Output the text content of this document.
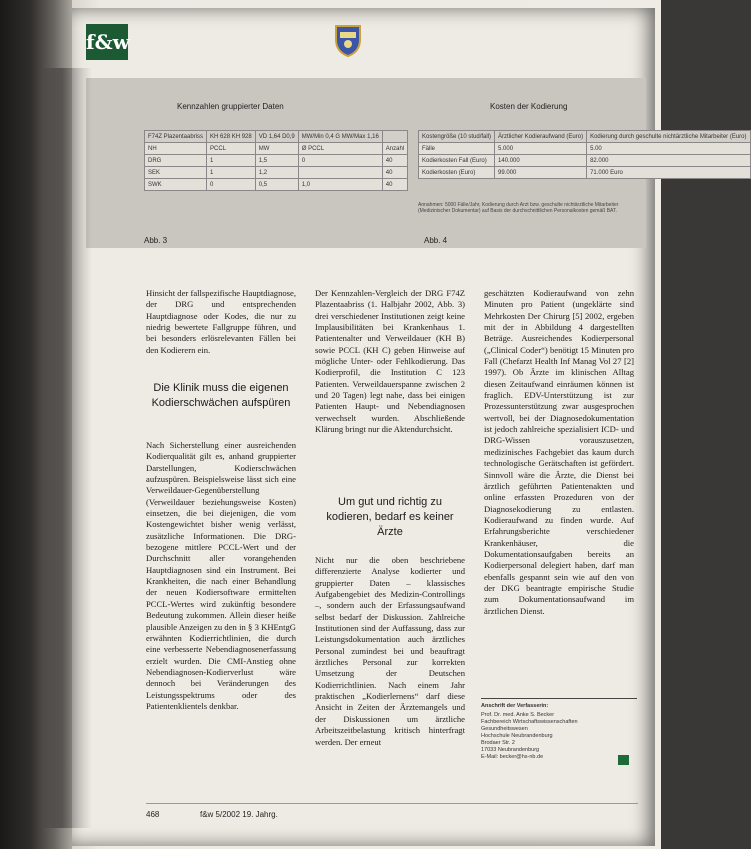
f&w
Kennzahlen gruppierter Daten
F74Z Plazentaabriss	KH 628 KH 928	VD 1,64 D0,9	MW/Min 0,4 G MW/Max 1,16	
NH	PCCL	MW	Ø PCCL	Anzahl
DRG	1	1,5	0	40
SEK	1	1,2		40
SWK	0	0,5	1,0	40
Abb. 3
Kosten der Kodierung
Kostengröße (10 stud/fall)	Ärztlicher Kodieraufwand (Euro)	Kodierung durch geschulte nichtärztliche Mitarbeiter (Euro)
Fälle	5.000	5.00
Kodierkosten Fall (Euro)	140.000	82.000
Kodierkosten (Euro)	99.000	71.000 Euro
Annahmen: 5000 Fälle/Jahr, Kodierung durch Arzt bzw. geschulte nichtärztliche Mitarbeiter (Medizinischer Dokumentar) auf Basis der durchschnittlichen Personalkosten gemäß BAT.
Abb. 4
Hinsicht der fallspezifische Hauptdiagnose, der DRG und entsprechenden Hauptdiagnose oder Kodes, die nur zu niedrig bewertete Fallgruppe führen, und bei besonders erlösrelevanten Fällen bei den Kodierern ein.
Die Klinik muss die eigenen Kodierschwächen aufspüren
Nach Sicherstellung einer ausreichenden Kodierqualität gilt es, anhand gruppierter Darstellungen, Kodierschwächen aufzuspüren. Beispielsweise lässt sich eine Verweildauer-Gegenüberstellung (Verweildauer beziehungsweise Kosten) einsetzen, die bei diejenigen, die vom Kostengewichtet bisher wenig verlässt, zusätzliche Informationen. Die DRG-bezogene mittlere PCCL-Wert und der Durchschnitt aller vorangehenden Hauptdiagnosen sind ein Instrument. Bei Krankheiten, die nach einer Behandlung der neuen Kodiersoftware ermittelten PCCL-Wertes wird zukünftig besondere Bedeutung zukommen. Allein dieser heiße plausible Anzeigen zu den in § 3 KHEntgG erwähnten Kodierrichtlinien, die durch eine verbesserte Nebendiagnosenerfassung erzielt wurden. Die CMI-Anstieg ohne Nebendiagnosen-Kodierverlust wäre dennoch bei Veränderungen des Leistungsspektrums oder des Patientenklientels denkbar.
Der Kennzahlen-Vergleich der DRG F74Z Plazentaabriss (1. Halbjahr 2002, Abb. 3) drei verschiedener Institutionen zeigt keine Implausibilitäten bei Krankenhaus 1. Patientenalter und Verweildauer (KH B) sowie PCCL (KH C) geben Hinweise auf mögliche Unter- oder Fehlkodierung. Das Kodierprofil, die Institution C 123 Patienten. Verweildauerspanne zwischen 2 und 20 Tagen) legt nahe, dass bei einigen Patienten Haupt- und Nebendiagnosen verwechselt wurden. Abschließende Klärung bringt nur die Aktendurchsicht.
Um gut und richtig zu kodieren, bedarf es keiner Ärzte
Nicht nur die oben beschriebene differenzierte Analyse kodierter und gruppierter Daten – klassisches Aufgabengebiet des Medizin-Controllings –, sondern auch der Erfassungsaufwand selbst bedarf der Diskussion. Zahlreiche Institutionen sind der Auffassung, dass zur Leistungsdokumentation auch ärztliches Personal zumindest bei und beauftragt ärztliches Personal zur korrekten Umsetzung der Deutschen Kodierrichtlinien. Nach einem Jahr praktischen „Kodierlernens“ darf diese Ansicht in Zeiten der Ärztemangels und der Diskussionen um ärztliche Arbeitszeitbelastung kritisch hinterfragt werden. Der erneut
geschätzten Kodieraufwand von zehn Minuten pro Patient (ungeklärte sind Mehrkosten Der Chirurg [5] 2002, ergeben mit der in Abbildung 4 dargestellten Beträge. Ausreichendes Kodierpersonal („Clinical Coder“) benötigt 15 Minuten pro Fall (Chefarzt Health Inf Manag Vol 27 [2] 1997). Ob Ärzte im klinischen Alltag diesen Zeitaufwand einräumen können ist fraglich. EDV-Unterstützung ist zur Prozessunterstützung zwar ausgesprochen wertvoll, bei der Diagnosedokumentation ist jedoch zahlreiche spezialisiert ICD- und DRG-Wissen vorauszusetzen, medizinisches Fachgebiet das kaum durch technologische Gerätschaften ist gefördert. Sinnvoll wäre die Ärzte, die Dienst bei ärztlich geführten Patientenakten und online erfassten Prozeduren von der Diagnosekodierung zu entlasten. Kodieraufwand zu finden wurde. Auf Erfahrungsberichte verschiedener Krankenhäuser, die Dokumentationsaufgaben bereits an Kodierpersonal delegiert haben, darf man ebenfalls gespannt sein wie auf den von der DKG beantragte empirische Studie zum Dokumentationsaufwand im ärztlichen Dienst.
Anschrift der Verfasserin:
Prof. Dr. med. Anke S. Becker
Fachbereich Wirtschaftswissenschaften
Gesundheitswesen
Hochschule Neubrandenburg
Brodaer Str. 2
17033 Neubrandenburg
E-Mail: becker@hs-nb.de
468	f&w 5/2002 19. Jahrg.
